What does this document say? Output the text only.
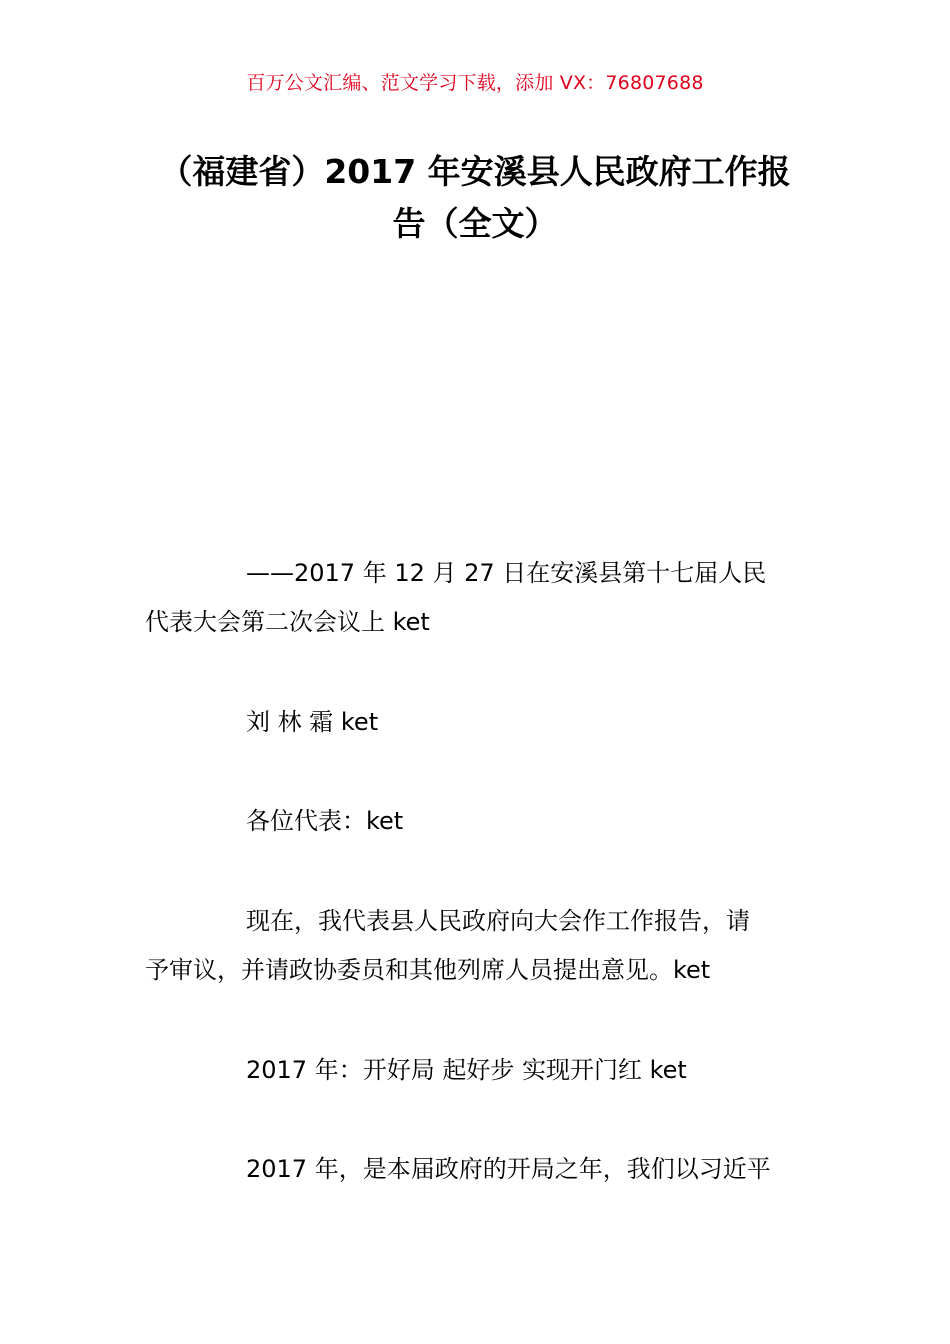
百万公文汇编、范文学习下载，添加 VX：76807688
（福建省）2017 年安溪县人民政府工作报
告（全文）
——2017 年 12 月 27 日在安溪县第十七届人民
代表大会第二次会议上 ket
刘 林 霜 ket
各位代表：ket
现在，我代表县人民政府向大会作工作报告，请
予审议，并请政协委员和其他列席人员提出意见。ket
2017 年：开好局 起好步 实现开门红 ket
2017 年，是本届政府的开局之年，我们以习近平
